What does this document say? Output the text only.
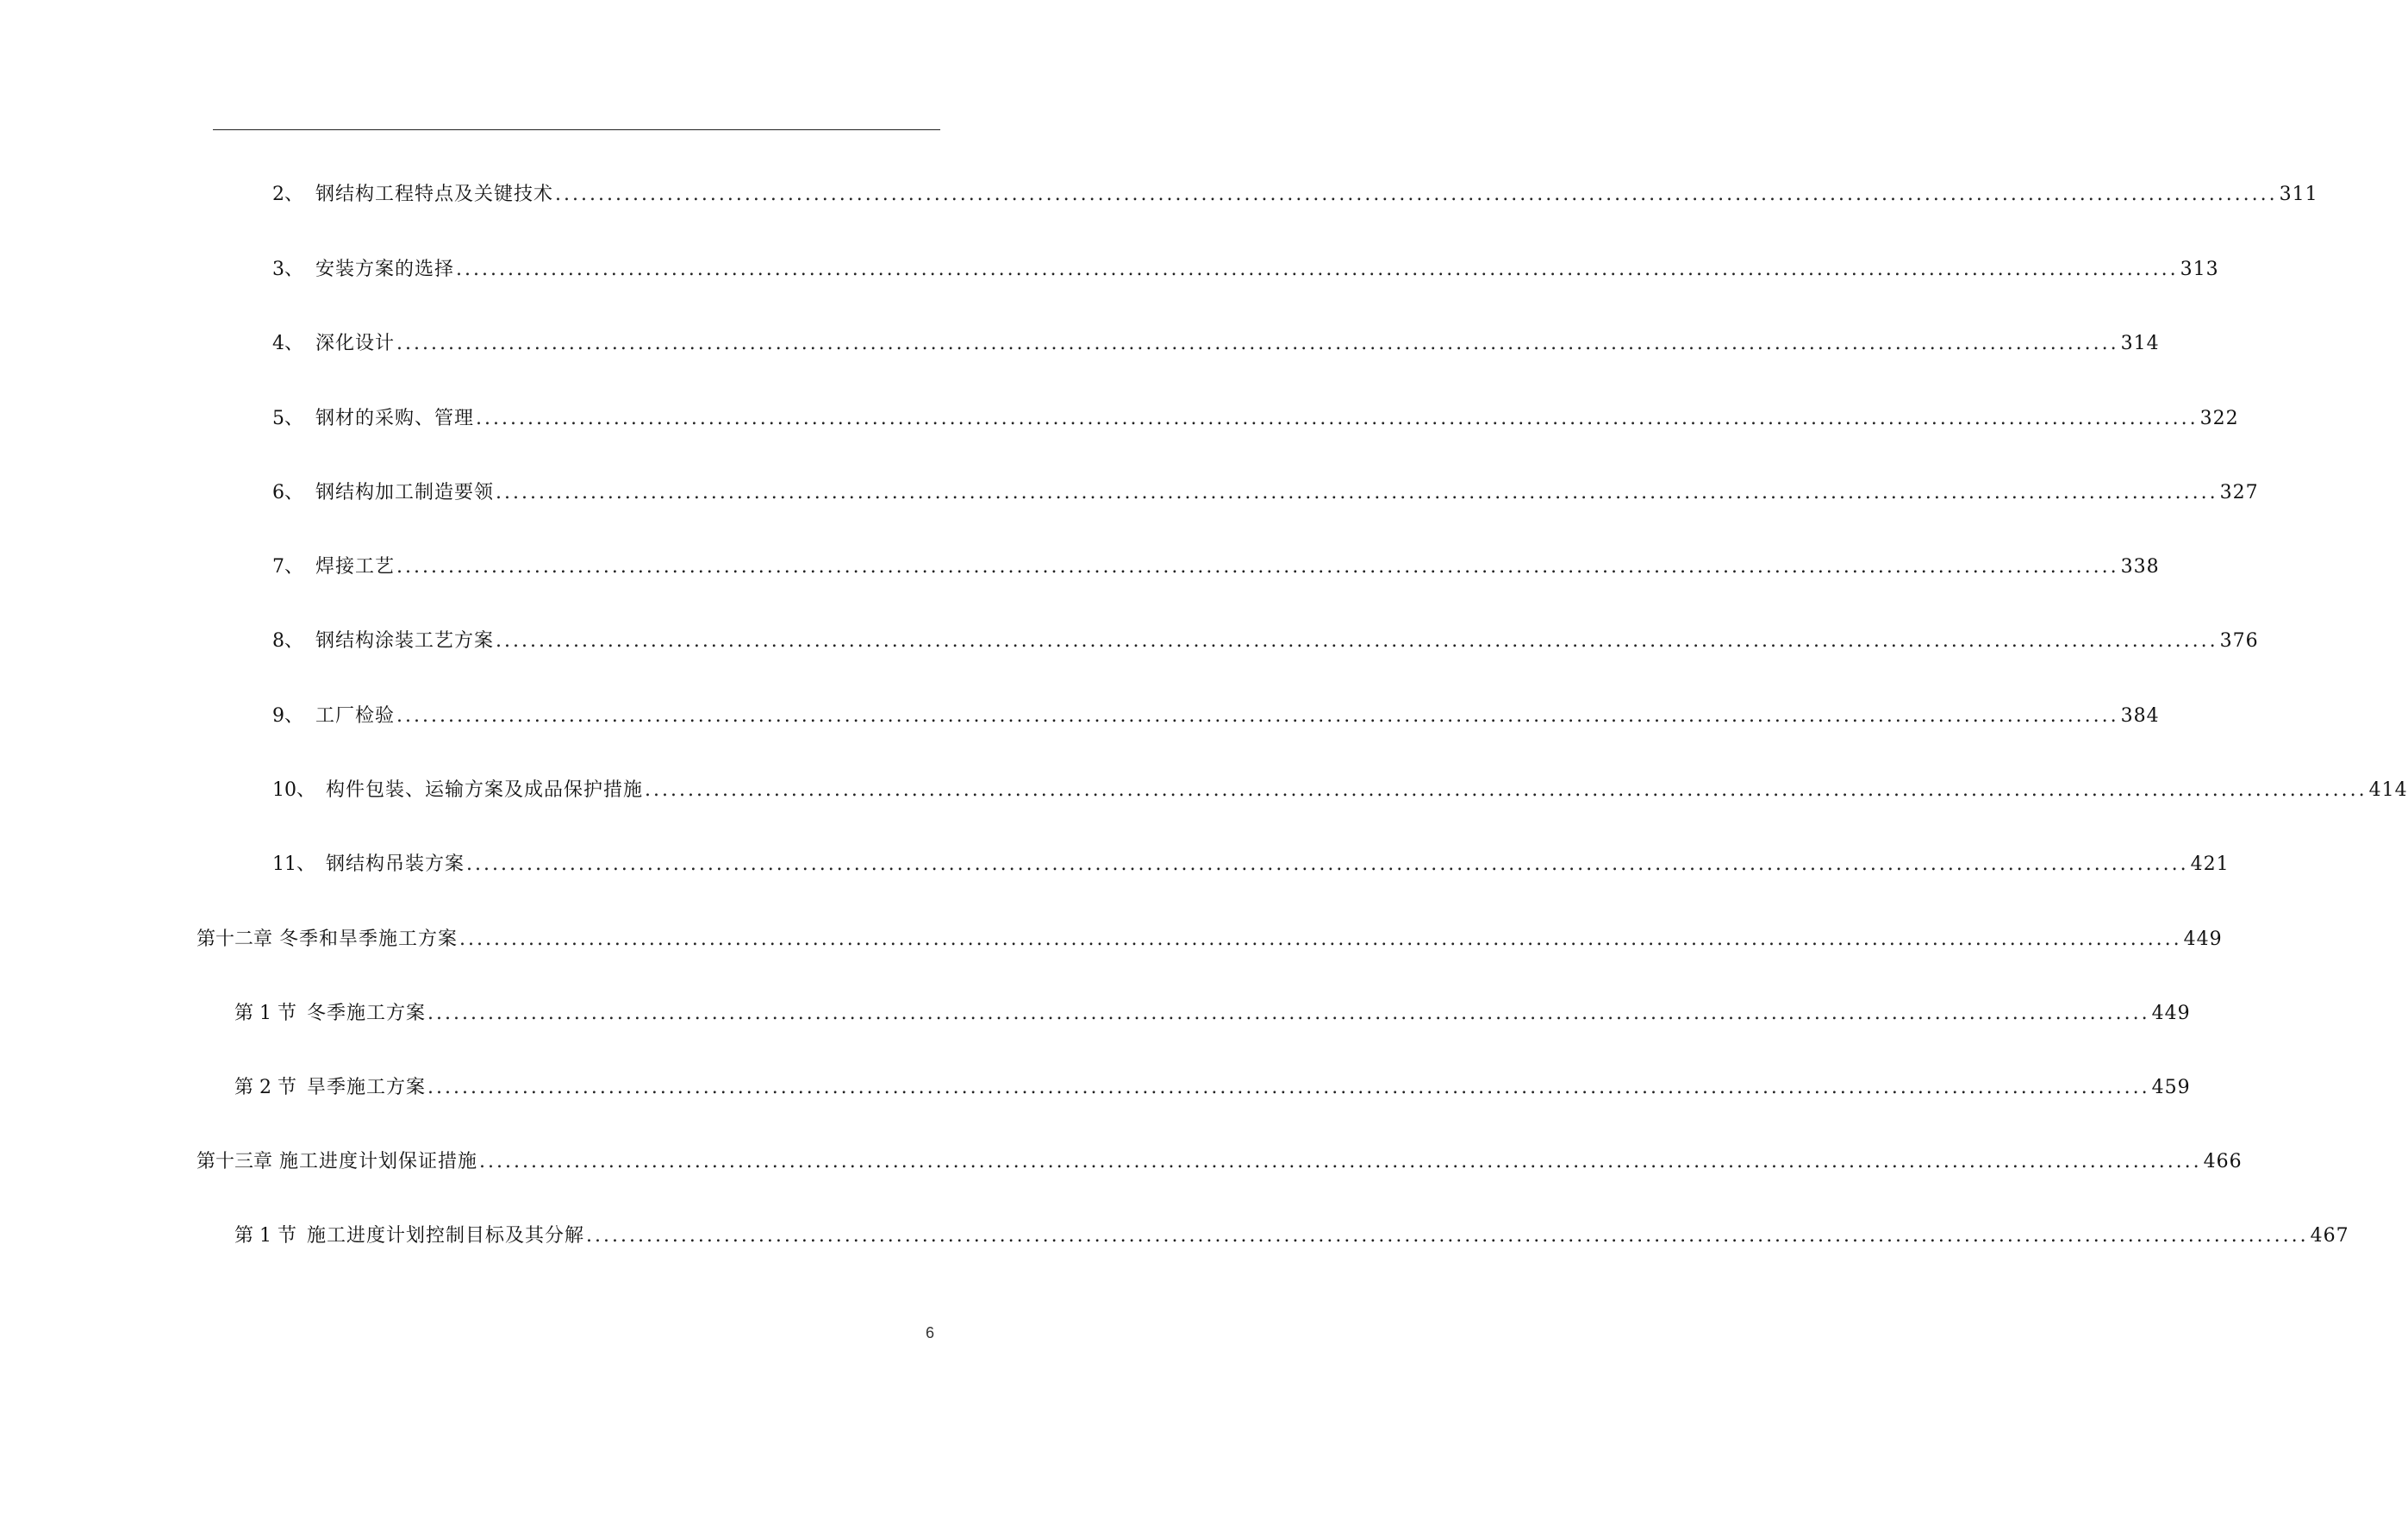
2、 钢结构工程特点及关键技术 ........................................................................................................................................................................................................ 311
3、 安装方案的选择 ........................................................................................................................................................................................................ 313
4、 深化设计 ........................................................................................................................................................................................................ 314
5、 钢材的采购、管理 ........................................................................................................................................................................................................ 322
6、 钢结构加工制造要领 ........................................................................................................................................................................................................ 327
7、 焊接工艺 ........................................................................................................................................................................................................ 338
8、 钢结构涂装工艺方案 ........................................................................................................................................................................................................ 376
9、 工厂检验 ........................................................................................................................................................................................................ 384
10、 构件包装、运输方案及成品保护措施 ........................................................................................................................................................................................................ 414
11、 钢结构吊装方案 ........................................................................................................................................................................................................ 421
第十二章 冬季和旱季施工方案 ........................................................................................................................................................................................................ 449
第 1 节 冬季施工方案 ........................................................................................................................................................................................................ 449
第 2 节 旱季施工方案 ........................................................................................................................................................................................................ 459
第十三章 施工进度计划保证措施 ........................................................................................................................................................................................................ 466
第 1 节 施工进度计划控制目标及其分解 ........................................................................................................................................................................................................ 467
6
